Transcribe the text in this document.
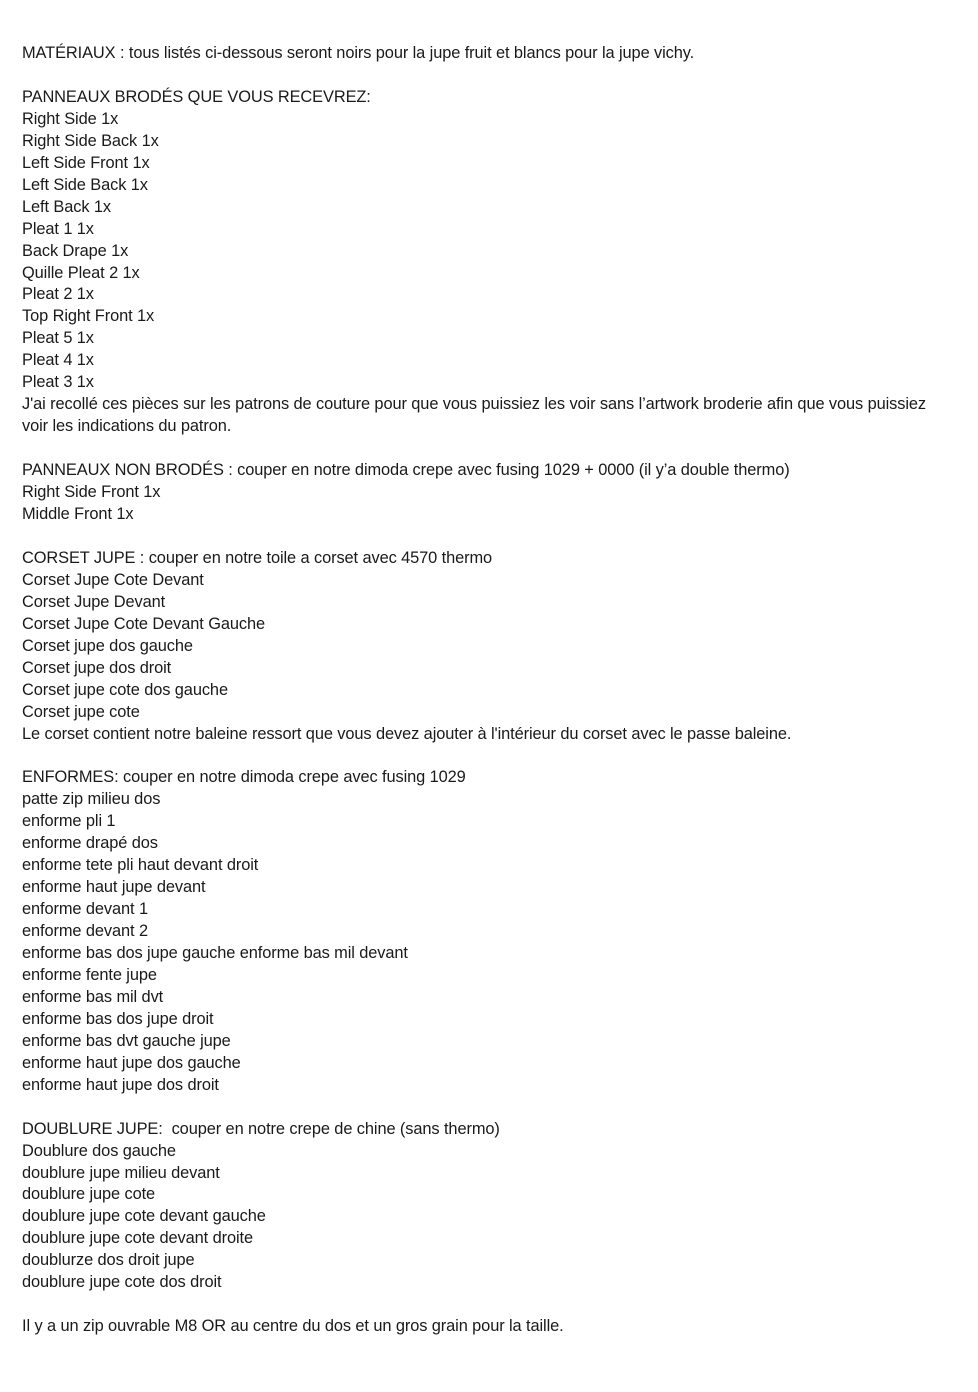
MATÉRIAUX : tous listés ci-dessous seront noirs pour la jupe fruit et blancs pour la jupe vichy.
PANNEAUX BRODÉS QUE VOUS RECEVREZ:
Right Side 1x
Right Side Back 1x
Left Side Front 1x
Left Side Back 1x
Left Back 1x
Pleat 1 1x
Back Drape 1x
Quille Pleat 2 1x
Pleat 2 1x
Top Right Front 1x
Pleat 5 1x
Pleat 4 1x
Pleat 3 1x
J'ai recollé ces pièces sur les patrons de couture pour que vous puissiez les voir sans l’artwork broderie afin que vous puissiez voir les indications du patron.
PANNEAUX NON BRODÉS : couper en notre dimoda crepe avec fusing 1029 + 0000 (il y’a double thermo)
Right Side Front 1x
Middle Front 1x
CORSET JUPE : couper en notre toile a corset avec 4570 thermo
Corset Jupe Cote Devant
Corset Jupe Devant
Corset Jupe Cote Devant Gauche
Corset jupe dos gauche
Corset jupe dos droit
Corset jupe cote dos gauche
Corset jupe cote
Le corset contient notre baleine ressort que vous devez ajouter à l'intérieur du corset avec le passe baleine.
ENFORMES: couper en notre dimoda crepe avec fusing 1029
patte zip milieu dos
enforme pli 1
enforme drapé dos
enforme tete pli haut devant droit
enforme haut jupe devant
enforme devant 1
enforme devant 2
enforme bas dos jupe gauche enforme bas mil devant
enforme fente jupe
enforme bas mil dvt
enforme bas dos jupe droit
enforme bas dvt gauche jupe
enforme haut jupe dos gauche
enforme haut jupe dos droit
DOUBLURE JUPE:  couper en notre crepe de chine (sans thermo)
Doublure dos gauche
doublure jupe milieu devant
doublure jupe cote
doublure jupe cote devant gauche
doublure jupe cote devant droite
doublurze dos droit jupe
doublure jupe cote dos droit
Il y a un zip ouvrable M8 OR au centre du dos et un gros grain pour la taille.
